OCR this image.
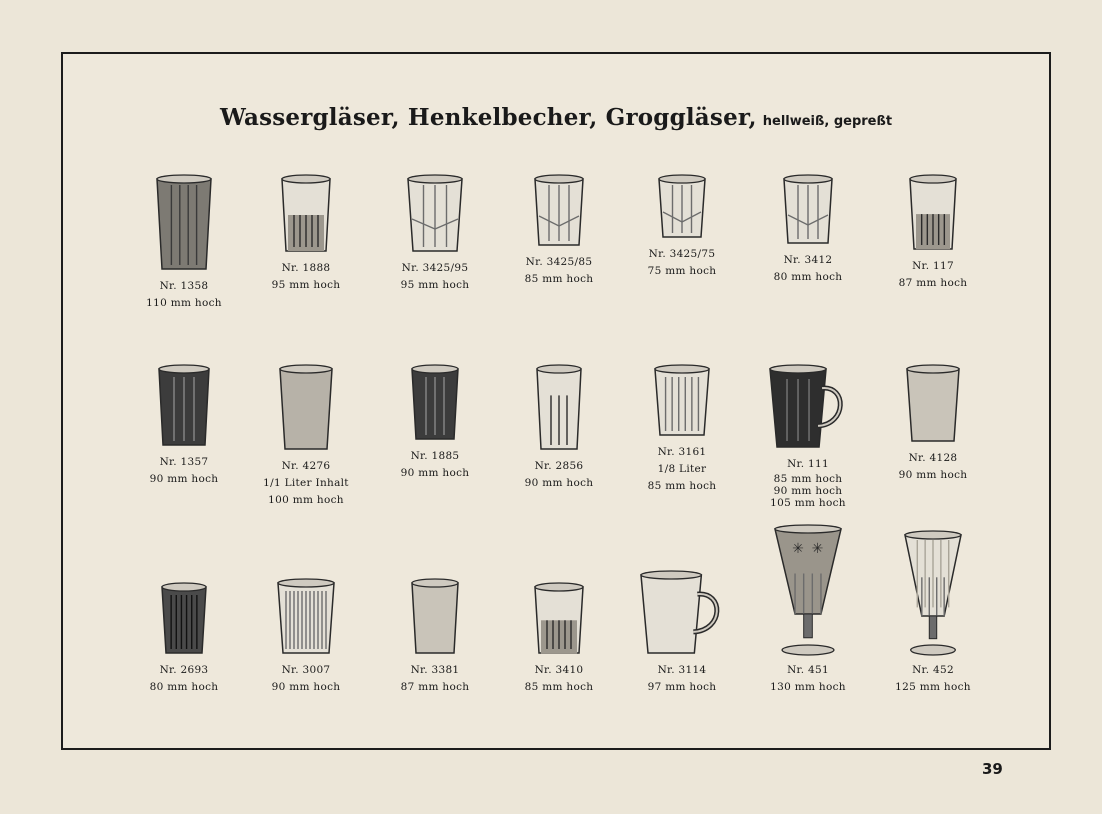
Wassergläser, Henkelbecher, Groggläser, hellweiß, gepreßt
Nr. 1358
110 mm hoch
Nr. 1888
95 mm hoch
Nr. 3425/95
95 mm hoch
Nr. 3425/85
85 mm hoch
Nr. 3425/75
75 mm hoch
Nr. 3412
80 mm hoch
Nr. 117
87 mm hoch
Nr. 1357
90 mm hoch
Nr. 4276
1/1 Liter Inhalt
100 mm hoch
Nr. 1885
90 mm hoch
Nr. 2856
90 mm hoch
Nr. 3161
1/8 Liter
85 mm hoch
Nr. 111
85 mm hoch
90 mm hoch
105 mm hoch
Nr. 4128
90 mm hoch
Nr. 2693
80 mm hoch
Nr. 3007
90 mm hoch
Nr. 3381
87 mm hoch
Nr. 3410
85 mm hoch
Nr. 3114
97 mm hoch
✳ ✳
Nr. 451
130 mm hoch
Nr. 452
125 mm hoch
39
